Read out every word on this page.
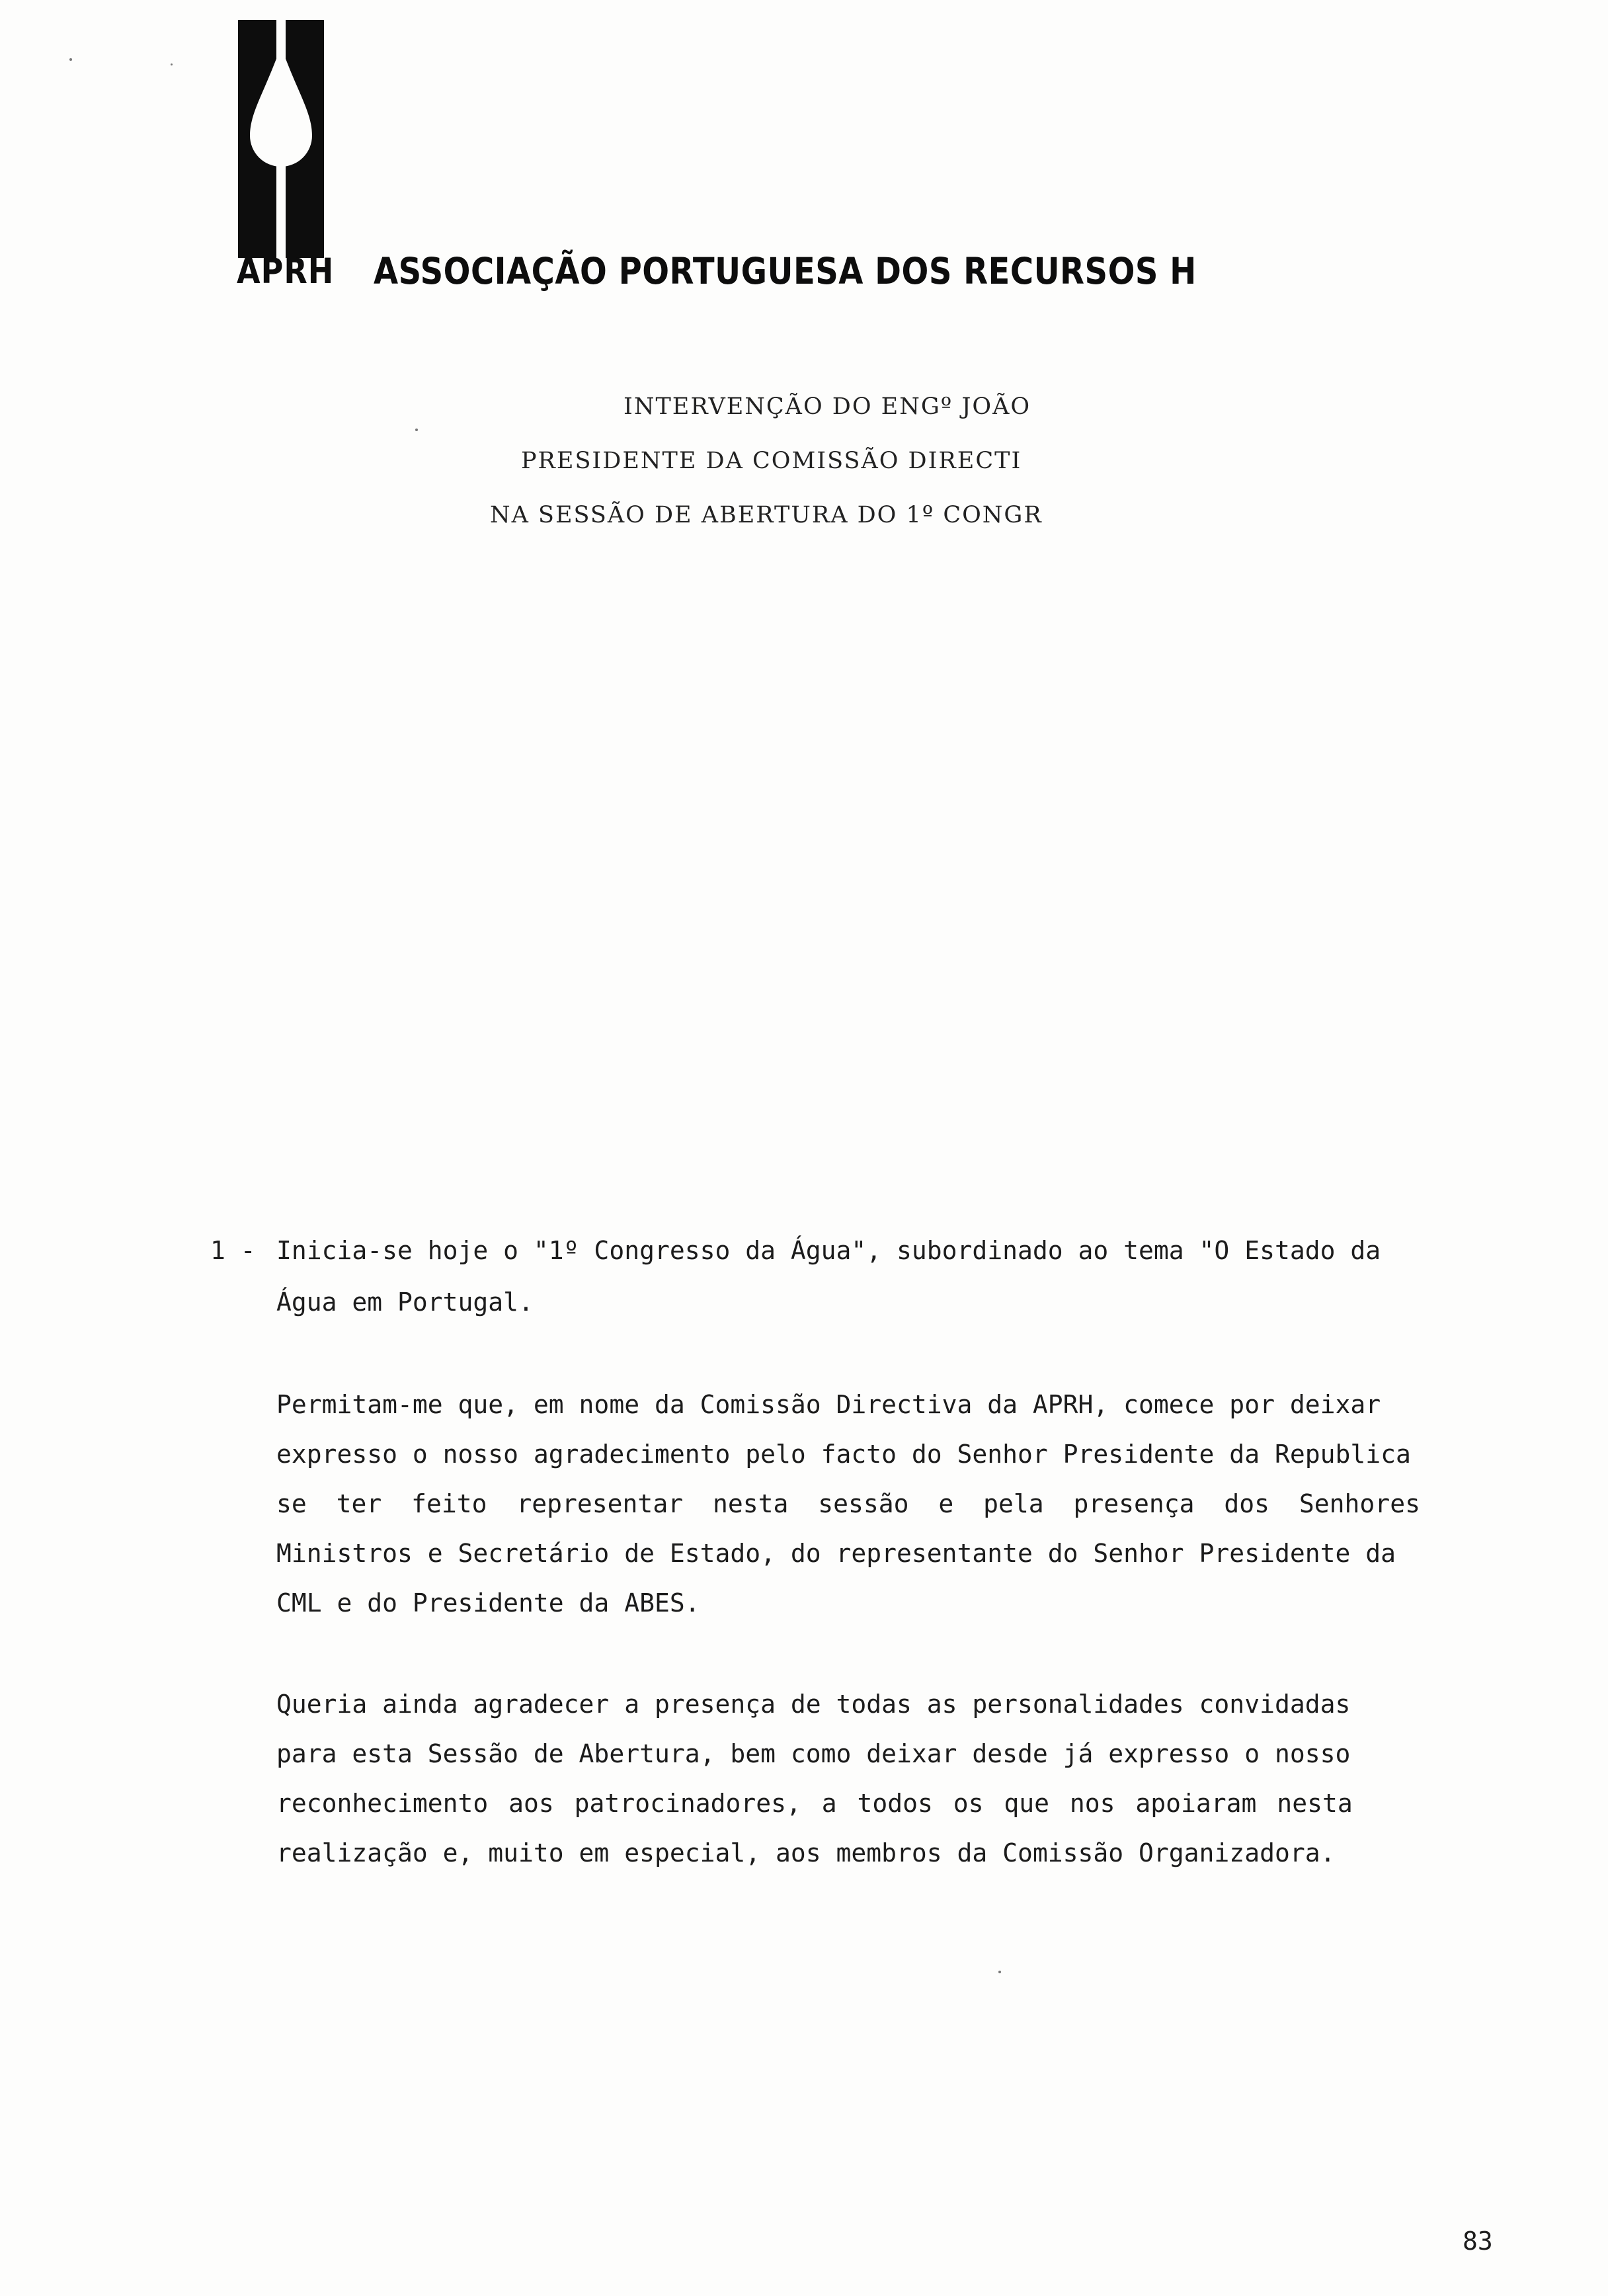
APRH ASSOCIAÇÃO PORTUGUESA DOS RECURSOS H
INTERVENÇÃO DO ENGº JOÃO
PRESIDENTE DA COMISSÃO DIRECTI
NA SESSÃO DE ABERTURA DO 1º CONGR
1 - Inicia-se hoje o "1º Congresso da Água", subordinado ao tema "O Estado da
Água em Portugal.
Permitam-me que, em nome da Comissão Directiva da APRH, comece por deixar
expresso o nosso agradecimento pelo facto do Senhor Presidente da Republica
se ter feito representar nesta sessão e pela presença dos Senhores
Ministros e Secretário de Estado, do representante do Senhor Presidente da
CML e do Presidente da ABES.
Queria ainda agradecer a presença de todas as personalidades convidadas
para esta Sessão de Abertura, bem como deixar desde já expresso o nosso
reconhecimento aos patrocinadores, a todos os que nos apoiaram nesta
realização e, muito em especial, aos membros da Comissão Organizadora.
83
